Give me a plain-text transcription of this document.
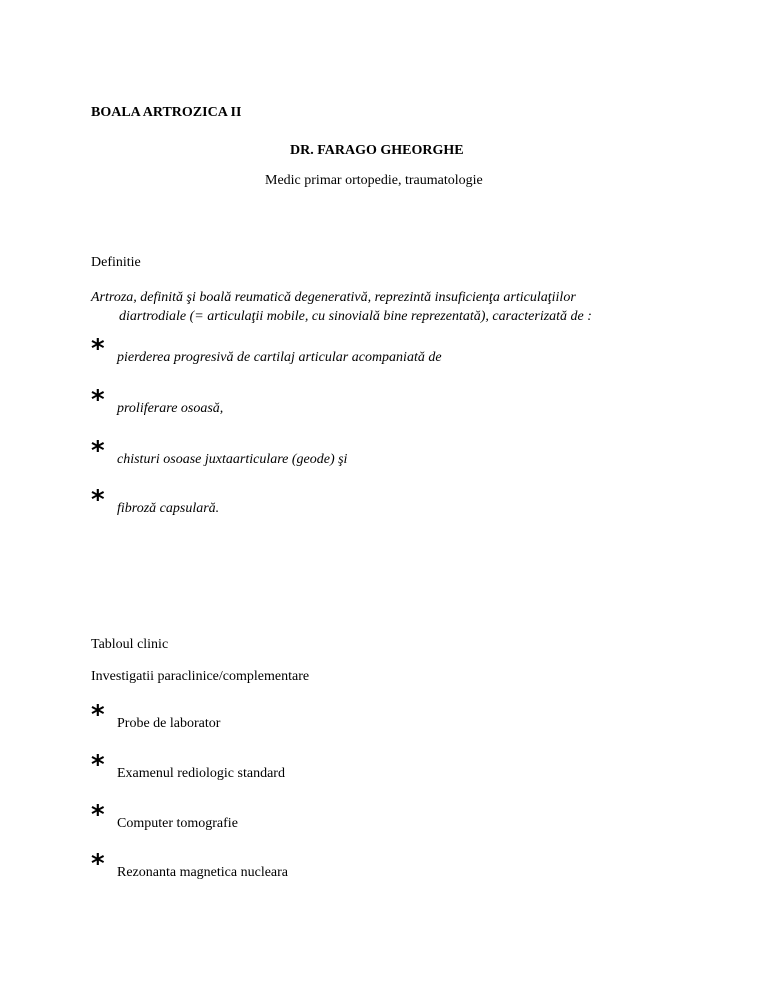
BOALA ARTROZICA II
DR. FARAGO GHEORGHE
Medic primar ortopedie, traumatologie
Definitie
Artroza, definită şi boală reumatică degenerativă, reprezintă insuficienţa articulaţiilor
diartrodiale (= articulaţii mobile, cu sinovială bine reprezentată), caracterizată de :
* pierderea progresivă de cartilaj articular acompaniată de
* proliferare osoasă,
* chisturi osoase juxtaarticulare (geode) şi
* fibroză capsulară.
Tabloul clinic
Investigatii paraclinice/complementare
* Probe de laborator
* Examenul rediologic standard
* Computer tomografie
* Rezonanta magnetica nucleara
